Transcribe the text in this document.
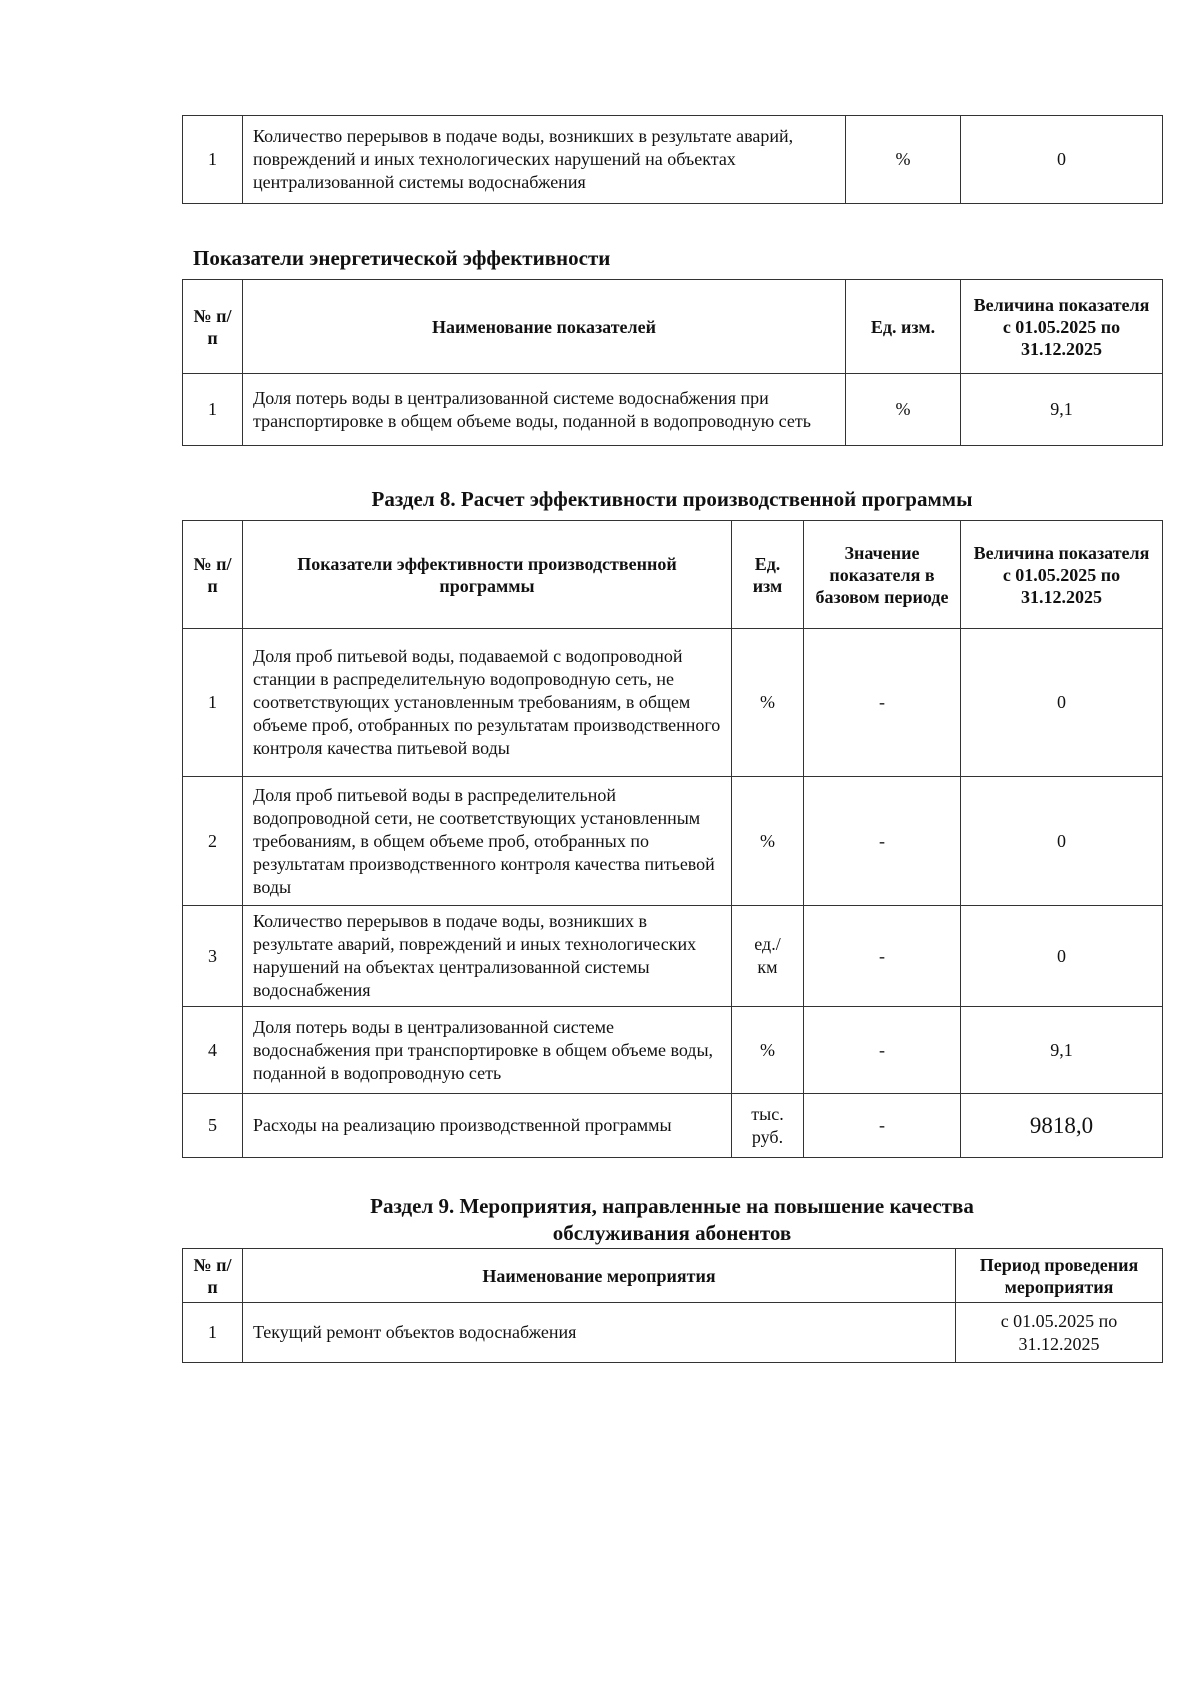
1	Количество перерывов в подаче воды, возникших в результате аварий, повреждений и иных технологических нарушений на объектах централизованной системы водоснабжения	%	0
Показатели энергетической эффективности
№ п/п	Наименование показателей	Ед. изм.	Величина показателя с 01.05.2025 по 31.12.2025
1	Доля потерь воды в централизованной системе водоснабжения при транспортировке в общем объеме воды, поданной в водопроводную сеть	%	9,1
Раздел 8. Расчет эффективности производственной программы
№ п/п	Показатели эффективности производственной программы	Ед. изм	Значение показателя в базовом периоде	Величина показателя с 01.05.2025 по 31.12.2025
1	Доля проб питьевой воды, подаваемой с водопроводной станции в распределительную водопроводную сеть, не соответствующих установленным требованиям, в общем объеме проб, отобранных по результатам производственного контроля качества питьевой воды	%	-	0
2	Доля проб питьевой воды в распределительной водопроводной сети, не соответствующих установленным требованиям, в общем объеме проб, отобранных по результатам производственного контроля качества питьевой воды	%	-	0
3	Количество перерывов в подаче воды, возникших в результате аварий, повреждений и иных технологических нарушений на объектах централизованной системы водоснабжения	ед./ км	-	0
4	Доля потерь воды в централизованной системе водоснабжения при транспортировке в общем объеме воды, поданной в водопроводную сеть	%	-	9,1
5	Расходы на реализацию производственной программы	тыс. руб.	-	9818,0
Раздел 9. Мероприятия, направленные на повышение качества
обслуживания абонентов
№ п/п	Наименование мероприятия	Период проведения мероприятия
1	Текущий ремонт объектов водоснабжения	с 01.05.2025 по 31.12.2025
